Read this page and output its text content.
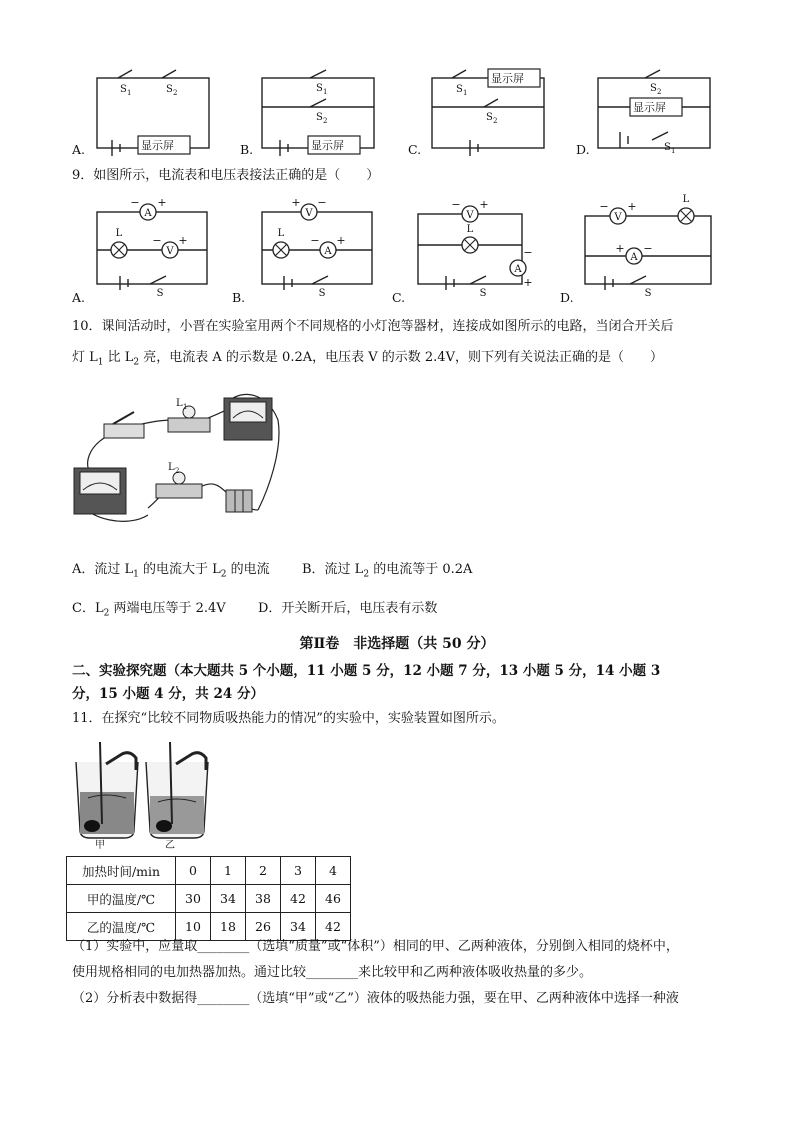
显示屏	显示屏
显示屏
显示屏
S 1	S 2	S 1
S 2
S 1
S 2
S 2
S 1
A.	B.	C.	D.
9．如图所示，电流表和电压表接法正确的是（　　）
A
V
L
S
V
A
L
S
V
L
A
S
V
L
A
S
− +
− +
+ −
− +
− +
−
+
− +
+ −
A.	B.	C.	D.
10．课间活动时，小晋在实验室用两个不同规格的小灯泡等器材，连接成如图所示的电路，当闭合开关后
灯 $L_1$ 比 $L_2$ 亮，电流表 A 的示数是 0.2A，电压表 V 的示数 2.4V，则下列有关说法正确的是（　　）
L 1
L 2
A．流过 $L_1$ 的电流大于 $L_2$ 的电流 B．流过 $L_2$ 的电流等于 0.2A
C．$L_2$ 两端电压等于 2.4V D．开关断开后，电压表有示数
第Ⅱ卷　非选择题（共 50 分）
二、实验探究题（本大题共 5 个小题，11 小题 5 分，12 小题 7 分，13 小题 5 分，14 小题 3
分，15 小题 4 分，共 24 分）
11．在探究“比较不同物质吸热能力的情况”的实验中，实验装置如图所示。
甲	乙
加热时间/min	0	1	2	3	4
甲的温度/℃	30	34	38	42	46
乙的温度/℃	10	18	26	34	42
（1）实验中，应量取________（选填“质量”或“体积”）相同的甲、乙两种液体，分别倒入相同的烧杯中，
使用规格相同的电加热器加热。通过比较________来比较甲和乙两种液体吸收热量的多少。
（2）分析表中数据得________（选填“甲”或“乙”）液体的吸热能力强，要在甲、乙两种液体中选择一种液
